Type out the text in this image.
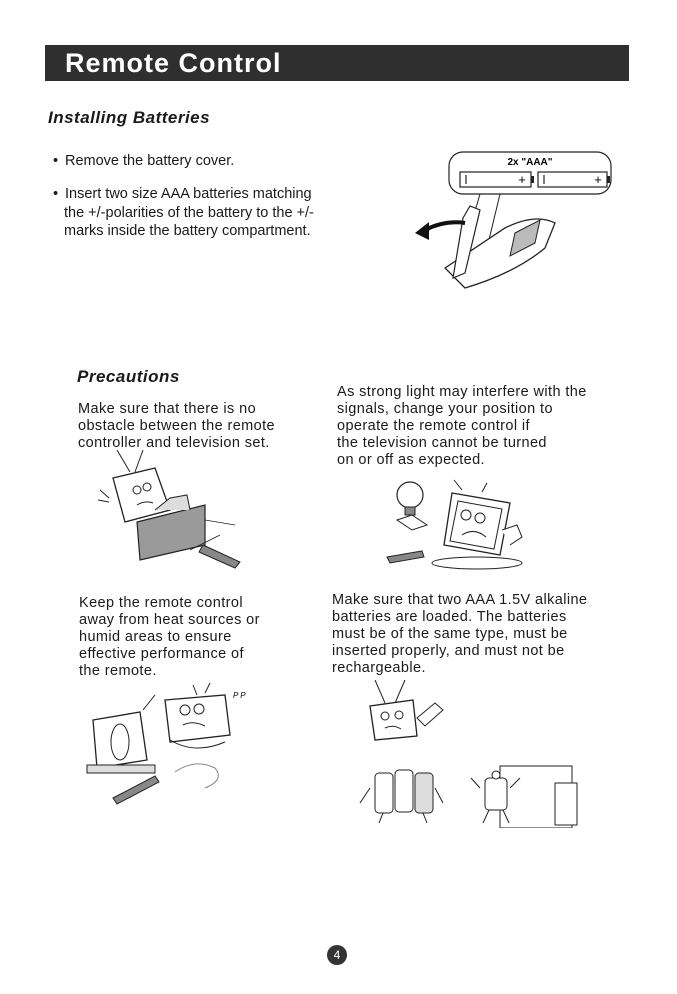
Remote Control
Installing Batteries
• Remove the battery cover.
• Insert two size AAA batteries matching
the +/-polarities of the battery to the +/-
marks inside the battery compartment.
2x "AAA"
+	+
Precautions
Make sure that there is no
obstacle between the remote
controller and television set.
As strong light may interfere with the
signals, change your position to
operate the remote control if
the television cannot be turned
on or off as expected.
Keep the remote control
away from heat sources or
humid areas to ensure
effective performance of
the remote.
Make sure that two AAA 1.5V alkaline
batteries are loaded. The batteries
must be of the same type, must be
inserted properly, and must not be
rechargeable.
P P
4
